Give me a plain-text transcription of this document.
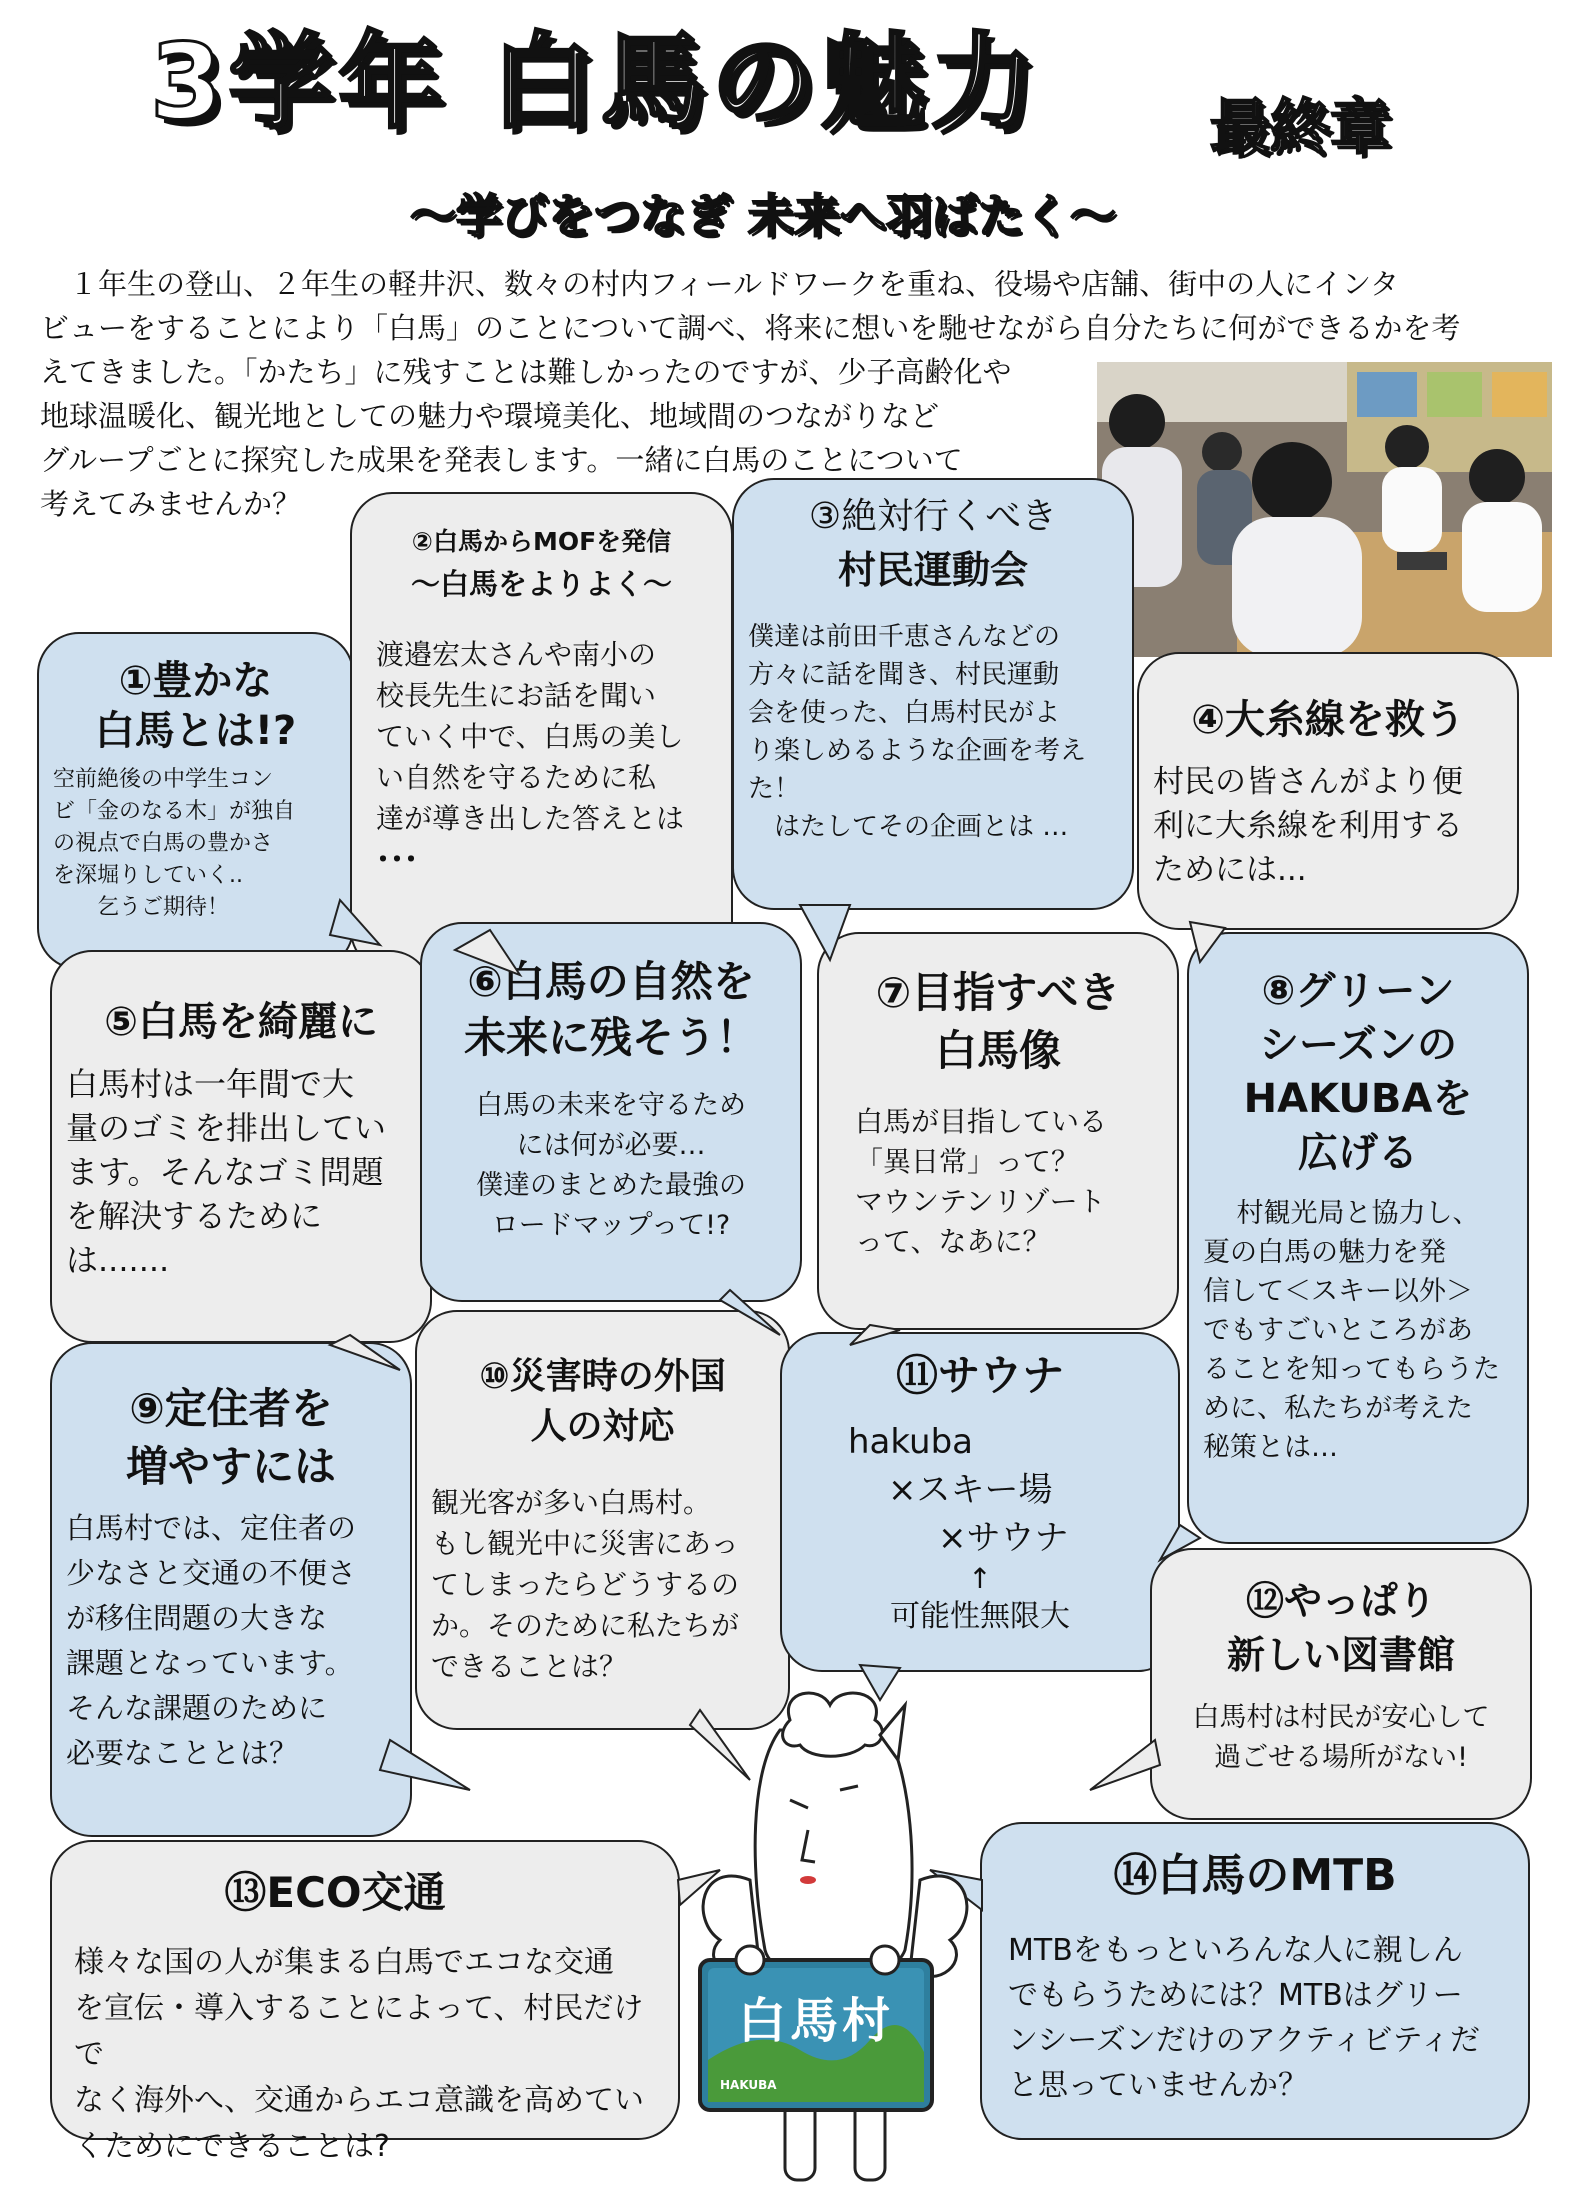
3学年 白馬の魅力	最終章
～学びをつなぎ 未来へ羽ばたく～
　１年生の登山、２年生の軽井沢、数々の村内フィールドワークを重ね、役場や店舗、街中の人にインタ
ビューをすることにより「白馬」のことについて調べ、将来に想いを馳せながら自分たちに何ができるかを考
えてきました。「かたち」に残すことは難しかったのですが、少子高齢化や
地球温暖化、観光地としての魅力や環境美化、地域間のつながりなど
グループごとに探究した成果を発表します。一緒に白馬のことについて
考えてみませんか？

①豊かな

白馬とは!?

空前絶後の中学生コン

ビ「金のなる木」が独自

の視点で白馬の豊かさ

を深堀りしていく..

　　乞うご期待！

②白馬からMOFを発信

～白馬をよりよく～

渡邉宏太さんや南小の

校長先生にお話を聞い

ていく中で、白馬の美し

い自然を守るために私

達が導き出した答えとは

･･･

③絶対行くべき

村民運動会

僕達は前田千恵さんなどの

方々に話を聞き、村民運動

会を使った、白馬村民がよ

り楽しめるような企画を考え

た！

　はたしてその企画とは …

④大糸線を救う

村民の皆さんがより便

利に大糸線を利用する

ためには...

⑤白馬を綺麗に

白馬村は一年間で大

量のゴミを排出してい

ます。そんなゴミ問題

を解決するために

は.......

⑥白馬の自然を

未来に残そう！

白馬の未来を守るため

には何が必要…

僕達のまとめた最強の

ロードマップって!?

⑦目指すべき

白馬像

白馬が目指している

「異日常」って？

マウンテンリゾート

って、なあに？

⑧グリーン

シーズンの

HAKUBAを

広げる

村観光局と協力し、

夏の白馬の魅力を発

信して＜スキー以外＞

でもすごいところがあ

ることを知ってもらうた

めに、私たちが考えた

秘策とは…

⑨定住者を

増やすには

白馬村では、定住者の

少なさと交通の不便さ

が移住問題の大きな

課題となっています。

そんな課題のために

必要なこととは？

⑩災害時の外国

人の対応

観光客が多い白馬村。

もし観光中に災害にあっ

てしまったらどうするの

か。そのために私たちが

できることは？

⑪サウナ

hakuba

×スキー場

×サウナ

↑

可能性無限大	⑫やっぱり

新しい図書館

白馬村は村民が安心して

過ごせる場所がない!

⑬ECO交通

様々な国の人が集まる白馬でエコな交通

を宣伝・導入することによって、村民だけで

なく海外へ、交通からエコ意識を高めてい

くためにできることは?

⑭白馬のMTB

MTBをもっといろんな人に親しん

でもらうためには？MTBはグリー

ンシーズンだけのアクティビティだ

と思っていませんか？

白馬村
HAKUBA
